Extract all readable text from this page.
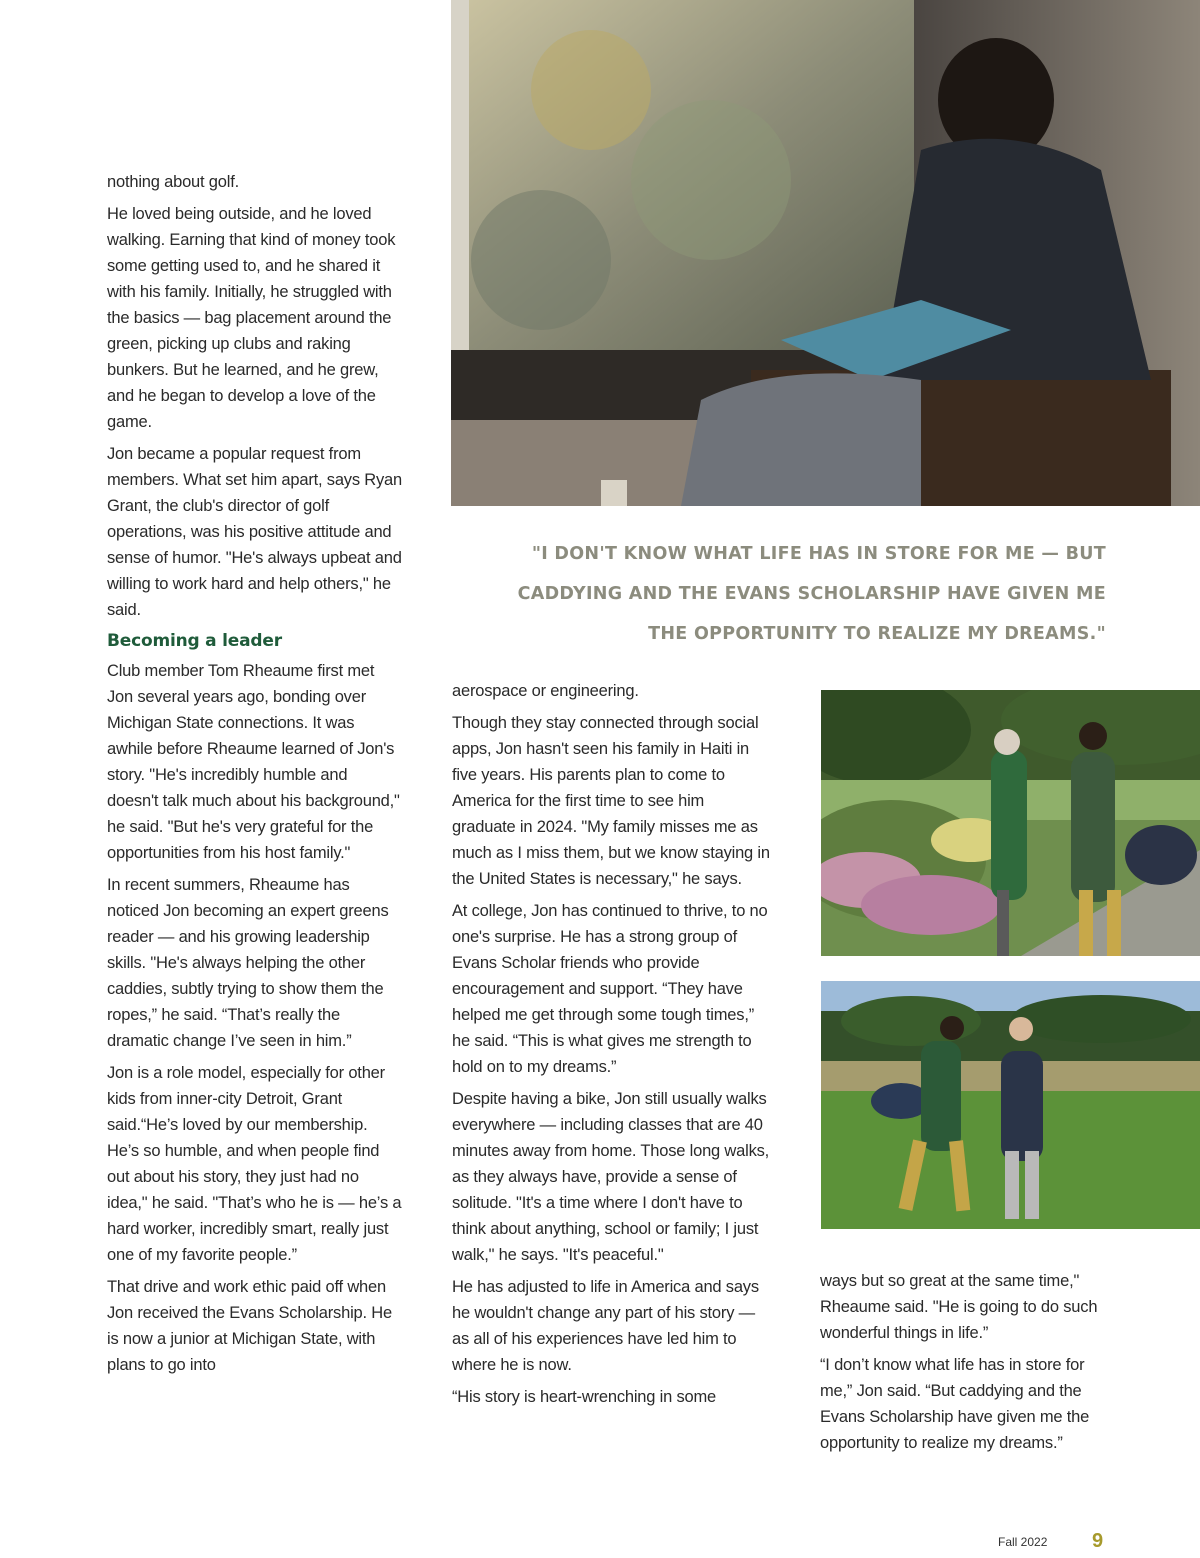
nothing about golf.

He loved being outside, and he loved walking. Earning that kind of money took some getting used to, and he shared it with his family. Initially, he struggled with the basics — bag placement around the green, picking up clubs and raking bunkers. But he learned, and he grew, and he began to develop a love of the game.

Jon became a popular request from members. What set him apart, says Ryan Grant, the club's director of golf operations, was his positive attitude and sense of humor. "He's always upbeat and willing to work hard and help others," he said.

Becoming a leader

Club member Tom Rheaume first met Jon several years ago, bonding over Michigan State connections. It was awhile before Rheaume learned of Jon's story. "He's incredibly humble and doesn't talk much about his background," he said. "But he's very grateful for the opportunities from his host family."

In recent summers, Rheaume has noticed Jon becoming an expert greens reader — and his growing leadership skills. "He's always helping the other caddies, subtly trying to show them the ropes,” he said. “That’s really the dramatic change I’ve seen in him.”

Jon is a role model, especially for other kids from inner-city Detroit, Grant said.“He’s loved by our membership. He’s so humble, and when people find out about his story, they just had no idea," he said. "That’s who he is — he’s a hard worker, incredibly smart, really just one of my favorite people.”

That drive and work ethic paid off when Jon received the Evans Scholarship. He is now a junior at Michigan State, with plans to go into

"I DON'T KNOW WHAT LIFE HAS IN STORE FOR ME — BUT

CADDYING AND THE EVANS SCHOLARSHIP HAVE GIVEN ME

THE OPPORTUNITY TO REALIZE MY DREAMS."

aerospace or engineering.

Though they stay connected through social apps, Jon hasn't seen his family in Haiti in five years. His parents plan to come to America for the first time to see him graduate in 2024. "My family misses me as much as I miss them, but we know staying in the United States is necessary," he says.

At college, Jon has continued to thrive, to no one's surprise. He has a strong group of Evans Scholar friends who provide encouragement and support. “They have helped me get through some tough times,” he said. “This is what gives me strength to hold on to my dreams.”

Despite having a bike, Jon still usually walks everywhere — including classes that are 40 minutes away from home. Those long walks, as they always have, provide a sense of solitude. "It's a time where I don't have to think about anything, school or family; I just walk," he says. "It's peaceful."

He has adjusted to life in America and says he wouldn't change any part of his story — as all of his experiences have led him to where he is now.

“His story is heart-wrenching in some

ways but so great at the same time," Rheaume said. "He is going to do such wonderful things in life.”

“I don’t know what life has in store for me,” Jon said. “But caddying and the Evans Scholarship have given me the opportunity to realize my dreams.”

Fall 2022 9
